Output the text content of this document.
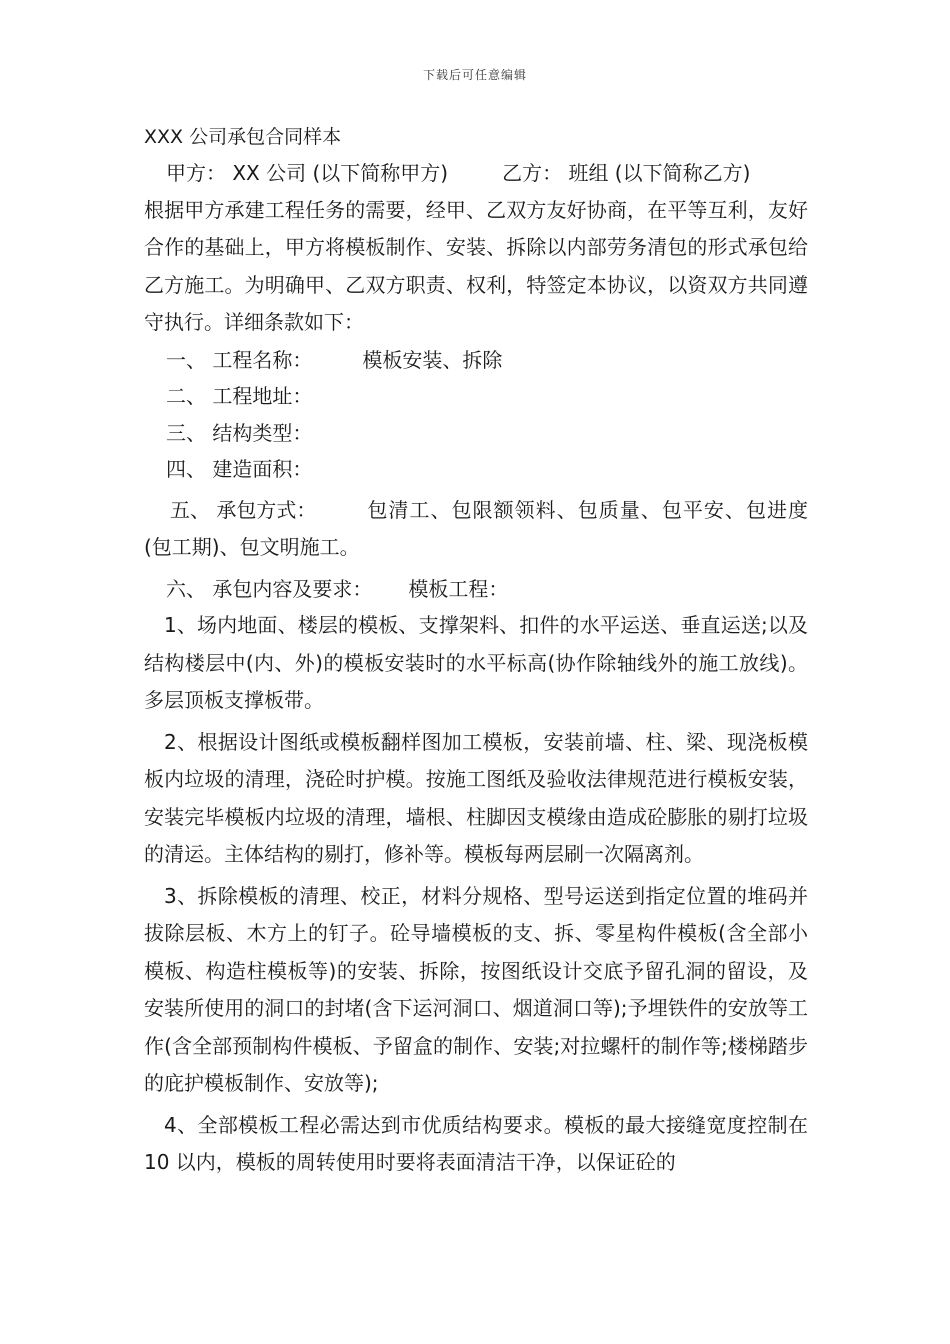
下载后可任意编辑
XXX 公司承包合同样本

甲方： XX 公司 (以下简称甲方)	乙方： 班组 (以下简称乙方)

根据甲方承建工程任务的需要，经甲、乙双方友好协商，在平等互利，友好合作的基础上，甲方将模板制作、安装、拆除以内部劳务清包的形式承包给乙方施工。为明确甲、乙双方职责、权利，特签定本协议，以资双方共同遵守执行。详细条款如下：

一、 工程名称：	模板安装、拆除

二、 工程地址：

三、 结构类型：

四、 建造面积：

五、 承包方式：	包清工、包限额领料、包质量、包平安、包进度(包工期)、包文明施工。

六、 承包内容及要求： 模板工程：

1、场内地面、楼层的模板、支撑架料、扣件的水平运送、垂直运送;以及结构楼层中(内、外)的模板安装时的水平标高(协作除轴线外的施工放线)。多层顶板支撑板带。

2、根据设计图纸或模板翻样图加工模板，安装前墙、柱、梁、现浇板模板内垃圾的清理，浇砼时护模。按施工图纸及验收法律规范进行模板安装，安装完毕模板内垃圾的清理，墙根、柱脚因支模缘由造成砼膨胀的剔打垃圾的清运。主体结构的剔打，修补等。模板每两层刷一次隔离剂。

3、拆除模板的清理、校正，材料分规格、型号运送到指定位置的堆码并拔除层板、木方上的钉子。砼导墙模板的支、拆、零星构件模板(含全部小模板、构造柱模板等)的安装、拆除，按图纸设计交底予留孔洞的留设，及安装所使用的洞口的封堵(含下运河洞口、烟道洞口等);予埋铁件的安放等工作(含全部预制构件模板、予留盒的制作、安装;对拉螺杆的制作等;楼梯踏步的庇护模板制作、安放等);

4、全部模板工程必需达到市优质结构要求。模板的最大接缝宽度控制在 10 以内，模板的周转使用时要将表面清洁干净，以保证砼的
